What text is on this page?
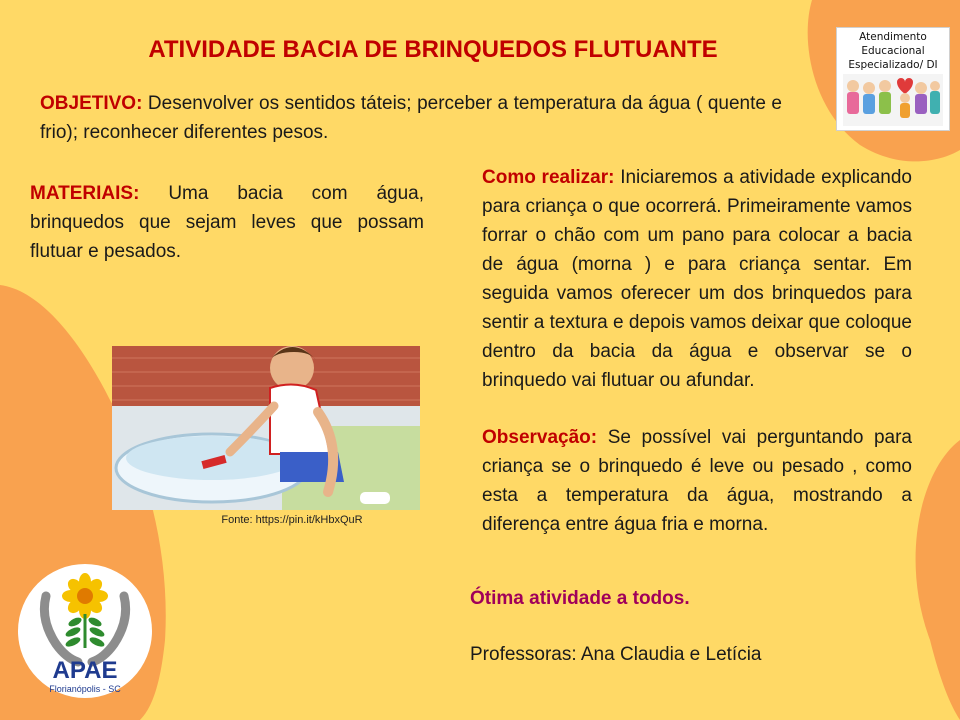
ATIVIDADE BACIA DE BRINQUEDOS FLUTUANTE	Atendimento
Educacional
Especializado/ DI
OBJETIVO: Desenvolver os sentidos táteis; perceber a temperatura da água ( quente e frio); reconhecer diferentes pesos.
MATERIAIS: Uma bacia com água, brinquedos que sejam leves que possam flutuar e pesados.
Como realizar: Iniciaremos a atividade explicando para criança o que ocorrerá. Primeiramente vamos forrar o chão com um pano para colocar a bacia de água (morna ) e para criança sentar. Em seguida vamos oferecer um dos brinquedos para sentir a textura e depois vamos deixar que coloque dentro da bacia da água e observar se o brinquedo vai flutuar ou afundar.
Observação: Se possível vai perguntando para criança se o brinquedo é leve ou pesado , como esta a temperatura da água, mostrando a diferença entre água fria e morna.
Fonte: https://pin.it/kHbxQuR
Ótima atividade a todos.
Professoras: Ana Claudia e Letícia
APAE
Florianópolis - SC
